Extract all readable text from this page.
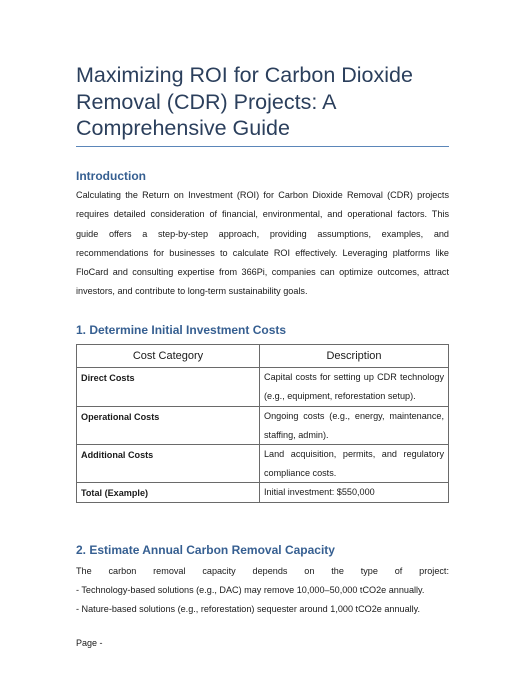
Maximizing ROI for Carbon Dioxide Removal (CDR) Projects: A Comprehensive Guide
Introduction

Calculating the Return on Investment (ROI) for Carbon Dioxide Removal (CDR) projects requires detailed consideration of financial, environmental, and operational factors. This guide offers a step-by-step approach, providing assumptions, examples, and recommendations for businesses to calculate ROI effectively. Leveraging platforms like FloCard and consulting expertise from 366Pi, companies can optimize outcomes, attract investors, and contribute to long-term sustainability goals.

1. Determine Initial Investment Costs
Cost Category	Description
Direct Costs	Capital costs for setting up CDR technology (e.g., equipment, reforestation setup).
Operational Costs	Ongoing costs (e.g., energy, maintenance, staffing, admin).
Additional Costs	Land acquisition, permits, and regulatory compliance costs.
Total (Example)	Initial investment: $550,000
2. Estimate Annual Carbon Removal Capacity

The carbon removal capacity depends on the type of project:

- Technology-based solutions (e.g., DAC) may remove 10,000–50,000 tCO2e annually.

- Nature-based solutions (e.g., reforestation) sequester around 1,000 tCO2e annually.

Page -
